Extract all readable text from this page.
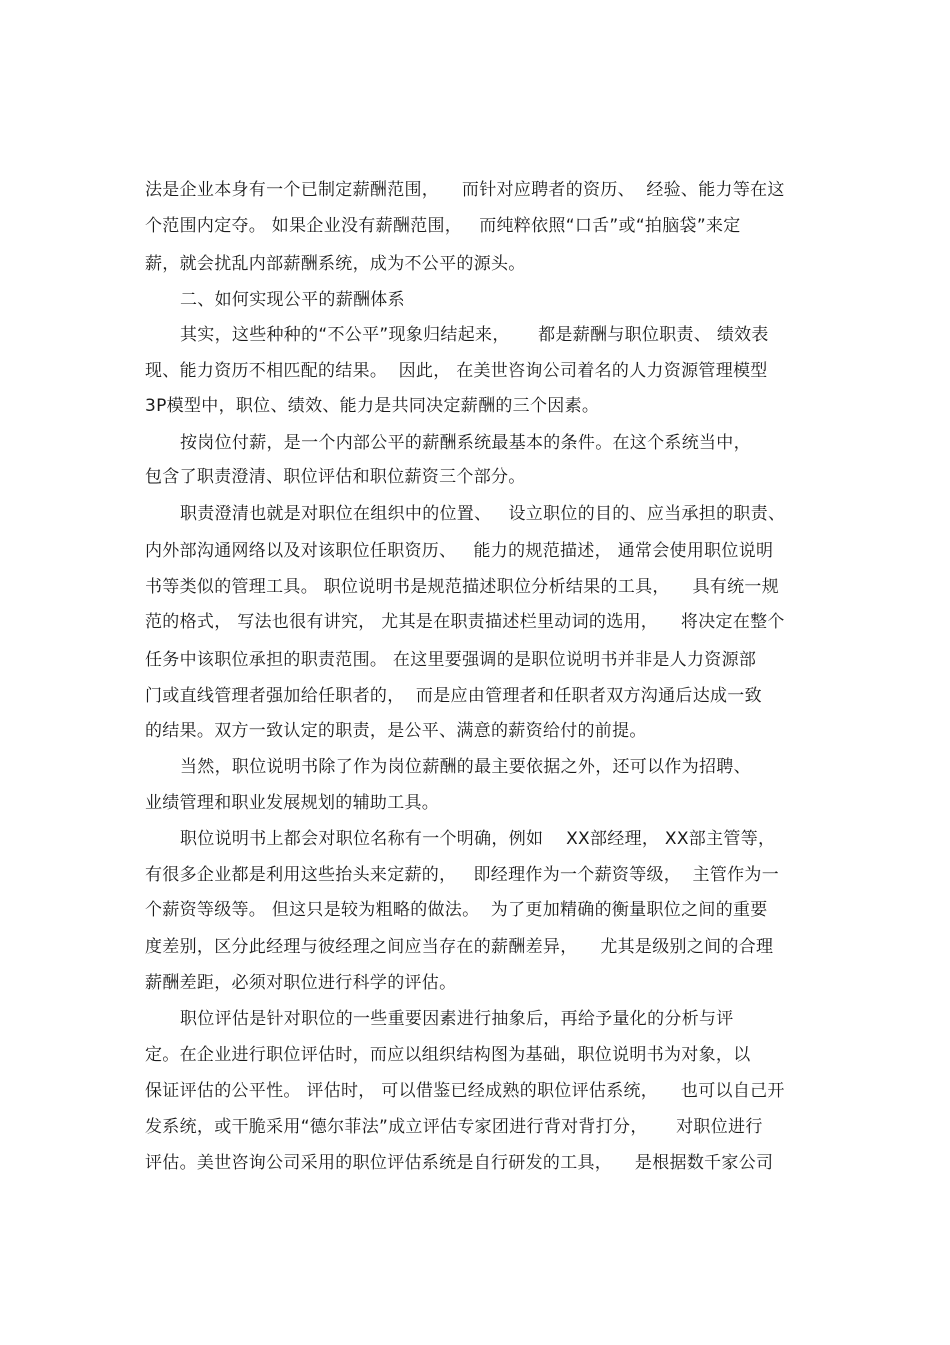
法是企业本身有一个已制定薪酬范围，    而针对应聘者的资历、  经验、能力等在这
个范围内定夺。 如果企业没有薪酬范围，   而纯粹依照“口舌”或“拍脑袋”来定
薪，就会扰乱内部薪酬系统，成为不公平的源头。
二、如何实现公平的薪酬体系
其实，这些种种的“不公平”现象归结起来，     都是薪酬与职位职责、 绩效表
现、能力资历不相匹配的结果。  因此， 在美世咨询公司着名的人力资源管理模型
3P模型中，职位、绩效、能力是共同决定薪酬的三个因素。
按岗位付薪，是一个内部公平的薪酬系统最基本的条件。在这个系统当中，
包含了职责澄清、职位评估和职位薪资三个部分。
职责澄清也就是对职位在组织中的位置、   设立职位的目的、应当承担的职责、
内外部沟通网络以及对该职位任职资历、   能力的规范描述， 通常会使用职位说明
书等类似的管理工具。 职位说明书是规范描述职位分析结果的工具，    具有统一规
范的格式， 写法也很有讲究， 尤其是在职责描述栏里动词的选用，    将决定在整个
任务中该职位承担的职责范围。 在这里要强调的是职位说明书并非是人力资源部
门或直线管理者强加给任职者的，  而是应由管理者和任职者双方沟通后达成一致
的结果。双方一致认定的职责，是公平、满意的薪资给付的前提。
当然，职位说明书除了作为岗位薪酬的最主要依据之外，还可以作为招聘、
业绩管理和职业发展规划的辅助工具。
职位说明书上都会对职位名称有一个明确，例如    XX部经理， XX部主管等，
有很多企业都是利用这些抬头来定薪的，   即经理作为一个薪资等级，  主管作为一
个薪资等级等。 但这只是较为粗略的做法。  为了更加精确的衡量职位之间的重要
度差别，区分此经理与彼经理之间应当存在的薪酬差异，    尤其是级别之间的合理
薪酬差距，必须对职位进行科学的评估。
职位评估是针对职位的一些重要因素进行抽象后，再给予量化的分析与评
定。在企业进行职位评估时，而应以组织结构图为基础，职位说明书为对象，以
保证评估的公平性。 评估时， 可以借鉴已经成熟的职位评估系统，    也可以自己开
发系统，或干脆采用“德尔菲法”成立评估专家团进行背对背打分，     对职位进行
评估。美世咨询公司采用的职位评估系统是自行研发的工具，    是根据数千家公司
